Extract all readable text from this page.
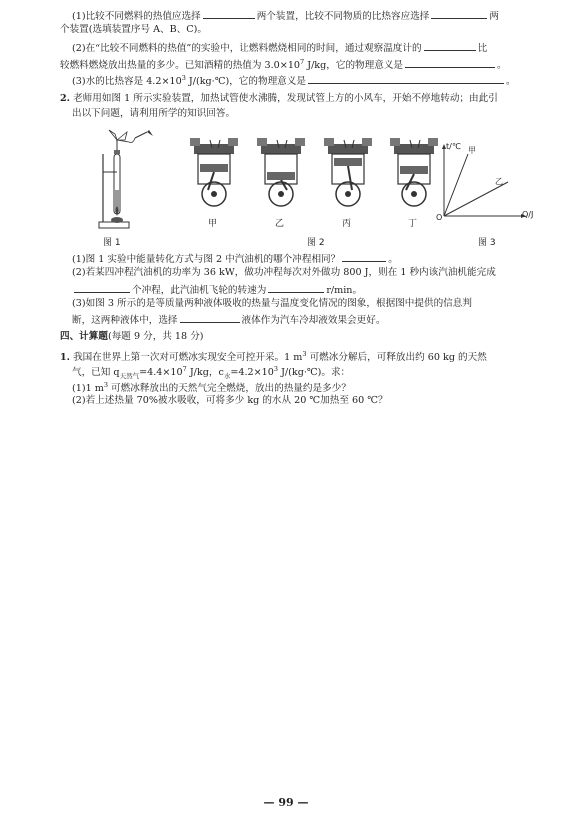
(1)比较不同燃料的热值应选择	两个装置，比较不同物质的比热容应选择	两
个装置(选填装置序号 A、B、C)。
(2)在“比较不同燃料的热值”的实验中，让燃料燃烧相同的时间，通过观察温度计的	比
较燃料燃烧放出热量的多少。已知酒精的热值为 $3.0\times 10^7$ J/kg，它的物理意义是	。
(3)水的比热容是 $4.2\times 10^3$ J/(kg·℃)，它的物理意义是	。
2. 老师用如图 1 所示实验装置，加热试管使水沸腾，发现试管上方的小风车，开始不停地转动；由此引
出以下问题，请利用所学的知识回答。
图 1
甲	乙	丙	丁
图 2
t/℃ 甲
乙
O	Q/J
图 3
(1)图 1 实验中能量转化方式与图 2 中汽油机的哪个冲程相同？	。
(2)若某四冲程汽油机的功率为 36 kW，做功冲程每次对外做功 800 J，则在 1 秒内该汽油机能完成
个冲程，此汽油机飞轮的转速为	r/min。
(3)如图 3 所示的是等质量两种液体吸收的热量与温度变化情况的图象，根据图中提供的信息判
断，这两种液体中，选择	液体作为汽车冷却液效果会更好。
四、计算题(每题 9 分，共 18 分)
1. 我国在世界上第一次对可燃冰实现安全可控开采。1 $m^3$ 可燃冰分解后，可释放出约 60 kg 的天然
气，已知 $q_{天然气}=4.4\times 10^7$ J/kg，$c_水=4.2\times 10^3$ J/(kg·℃)。求：
(1)1 $m^3$ 可燃冰释放出的天然气完全燃烧，放出的热量约是多少？
(2)若上述热量 70%被水吸收，可将多少 kg 的水从 20 ℃加热至 60 ℃？
— 99 —
